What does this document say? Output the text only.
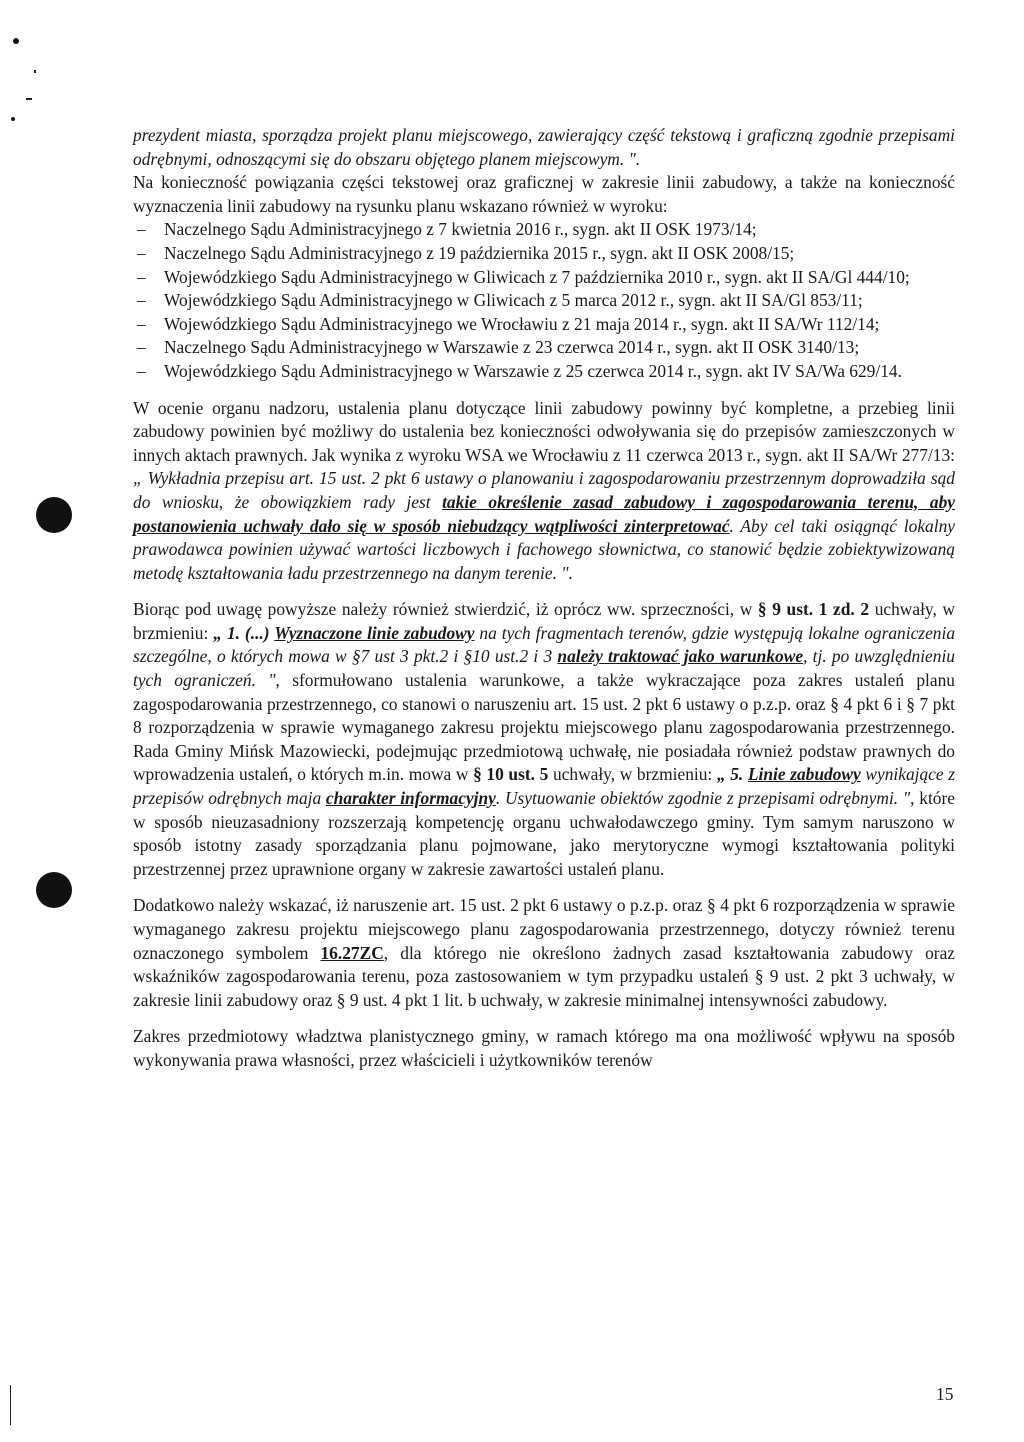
prezydent miasta, sporządza projekt planu miejscowego, zawierający część tekstową i graficzną zgodnie przepisami odrębnymi, odnoszącymi się do obszaru objętego planem miejscowym. ".

Na konieczność powiązania części tekstowej oraz graficznej w zakresie linii zabudowy, a także na konieczność wyznaczenia linii zabudowy na rysunku planu wskazano również w wyroku:

– Naczelnego Sądu Administracyjnego z 7 kwietnia 2016 r., sygn. akt II OSK 1973/14;
– Naczelnego Sądu Administracyjnego z 19 października 2015 r., sygn. akt II OSK 2008/15;
– Wojewódzkiego Sądu Administracyjnego w Gliwicach z 7 października 2010 r., sygn. akt II SA/Gl 444/10;
– Wojewódzkiego Sądu Administracyjnego w Gliwicach z 5 marca 2012 r., sygn. akt II SA/Gl 853/11;
– Wojewódzkiego Sądu Administracyjnego we Wrocławiu z 21 maja 2014 r., sygn. akt II SA/Wr 112/14;
– Naczelnego Sądu Administracyjnego w Warszawie z 23 czerwca 2014 r., sygn. akt II OSK 3140/13;
– Wojewódzkiego Sądu Administracyjnego w Warszawie z 25 czerwca 2014 r., sygn. akt IV SA/Wa 629/14.

W ocenie organu nadzoru, ustalenia planu dotyczące linii zabudowy powinny być kompletne, a przebieg linii zabudowy powinien być możliwy do ustalenia bez konieczności odwoływania się do przepisów zamieszczonych w innych aktach prawnych. Jak wynika z wyroku WSA we Wrocławiu z 11 czerwca 2013 r., sygn. akt II SA/Wr 277/13: „ Wykładnia przepisu art. 15 ust. 2 pkt 6 ustawy o planowaniu i zagospodarowaniu przestrzennym doprowadziła sąd do wniosku, że obowiązkiem rady jest takie określenie zasad zabudowy i zagospodarowania terenu, aby postanowienia uchwały dało się w sposób niebudzący wątpliwości zinterpretować. Aby cel taki osiągnąć lokalny prawodawca powinien używać wartości liczbowych i fachowego słownictwa, co stanowić będzie zobiektywizowaną metodę kształtowania ładu przestrzennego na danym terenie. ".

Biorąc pod uwagę powyższe należy również stwierdzić, iż oprócz ww. sprzeczności, w § 9 ust. 1 zd. 2 uchwały, w brzmieniu: „ 1. (...) Wyznaczone linie zabudowy na tych fragmentach terenów, gdzie występują lokalne ograniczenia szczególne, o których mowa w §7 ust 3 pkt.2 i §10 ust.2 i 3 należy traktować jako warunkowe, tj. po uwzględnieniu tych ograniczeń. ", sformułowano ustalenia warunkowe, a także wykraczające poza zakres ustaleń planu zagospodarowania przestrzennego, co stanowi o naruszeniu art. 15 ust. 2 pkt 6 ustawy o p.z.p. oraz § 4 pkt 6 i § 7 pkt 8 rozporządzenia w sprawie wymaganego zakresu projektu miejscowego planu zagospodarowania przestrzennego. Rada Gminy Mińsk Mazowiecki, podejmując przedmiotową uchwałę, nie posiadała również podstaw prawnych do wprowadzenia ustaleń, o których m.in. mowa w § 10 ust. 5 uchwały, w brzmieniu: „ 5. Linie zabudowy wynikające z przepisów odrębnych maja charakter informacyjny. Usytuowanie obiektów zgodnie z przepisami odrębnymi. ", które w sposób nieuzasadniony rozszerzają kompetencję organu uchwałodawczego gminy. Tym samym naruszono w sposób istotny zasady sporządzania planu pojmowane, jako merytoryczne wymogi kształtowania polityki przestrzennej przez uprawnione organy w zakresie zawartości ustaleń planu.

Dodatkowo należy wskazać, iż naruszenie art. 15 ust. 2 pkt 6 ustawy o p.z.p. oraz § 4 pkt 6 rozporządzenia w sprawie wymaganego zakresu projektu miejscowego planu zagospodarowania przestrzennego, dotyczy również terenu oznaczonego symbolem 16.27ZC, dla którego nie określono żadnych zasad kształtowania zabudowy oraz wskaźników zagospodarowania terenu, poza zastosowaniem w tym przypadku ustaleń § 9 ust. 2 pkt 3 uchwały, w zakresie linii zabudowy oraz § 9 ust. 4 pkt 1 lit. b uchwały, w zakresie minimalnej intensywności zabudowy.

Zakres przedmiotowy władztwa planistycznego gminy, w ramach którego ma ona możliwość wpływu na sposób wykonywania prawa własności, przez właścicieli i użytkowników terenów

15
